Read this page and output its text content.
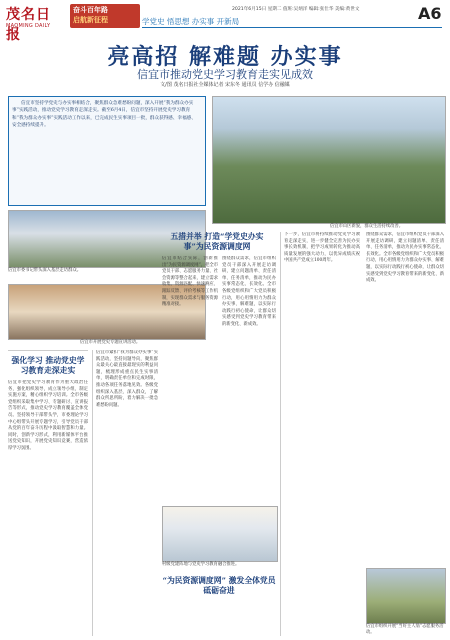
茂名日报
MAOMING DAILY
奋斗百年路
启航新征程	学党史 悟思想 办实事 开新局
2021年6月15日 星期二 值班:吴炳洋 编辑:张仕华 美编:黄世文	A6
亮高招 解难题 办实事
信宜市推动党史学习教育走实见成效
文/图 茂名日报社全媒体记者 宋东冬 通讯员 信学办 信融媒
信宜市坚持学党史与办实事相结合，聚焦群众急难愁盼问题，深入开展“我为群众办实事”实践活动，推动党史学习教育走深走实。截至6月4日，信宜市坚持开展党史学习教育和“我为群众办实事”实践活动工作以来，已完成民生实事项目一批，群众获得感、幸福感、安全感持续提升。
信宜市委书记带头深入基层走访群众。
信宜市开展党史专题宣讲活动。
信宜市山区新貌，群众生活持续改善。
强化学习 推动党史学习教育走深走实
信宜市把党史学习教育作为重大政治任务，强化组织领导，成立领导小组，制定实施方案，精心组织学习培训。全市各级党组织采取集中学习、专题研讨、宣讲报告等形式，推动党史学习教育覆盖全体党员。坚持领导干部带头学，市委理论学习中心组带头开展专题学习，引导党员干部从党的百年奋斗历程中汲取智慧和力量。同时，创新学习形式，利用新媒体平台推送党史知识，开展党史知识竞赛，营造浓厚学习氛围。
信宜市紧扣“我为群众办实事”实践活动，坚持问题导向，聚焦群众最关心最直接最现实的利益问题，梳理形成重点民生实事清单，明确责任单位和完成时限，推动各项任务落地见效。各级党组织深入基层、深入群众，了解群众所思所盼，着力解决一批急难愁盼问题。
五措并举 打造“学党史办实事”为民资源调度网
信宜市结合实际，创新推出“为民资源调度网”，把全市党员干部、志愿服务力量、社会资源等整合起来，建立需求收集、资源匹配、快速响应、跟踪反馈、评价考核等工作机制，实现群众需求与服务资源精准对接。
围绕群众需求，信宜市组织党员干部深入开展走访调研，建立问题清单、责任清单、任务清单，推动为民办实事常态化、长效化。全市各级党组织和广大党员积极行动，用心用情用力为群众办实事、解难题，以实际行动践行初心使命，让群众切实感受到党史学习教育带来的新变化、新成效。
村级党建阵地与党史学习教育融合推进。
“为民资源调度网” 激发全体党员砥砺奋进
下一步，信宜市将持续推动党史学习教育走深走实，进一步健全完善为民办实事长效机制，把学习成果转化为推动高质量发展的强大动力，以优异成绩庆祝中国共产党成立100周年。
围绕群众需求，信宜市组织党员干部深入开展走访调研，建立问题清单、责任清单、任务清单，推动为民办实事常态化、长效化。全市各级党组织和广大党员积极行动，用心用情用力为群众办实事、解难题，以实际行动践行初心使命，让群众切实感受到党史学习教育带来的新变化、新成效。
信宜市组织开展“当好主人翁”志愿服务活动。
